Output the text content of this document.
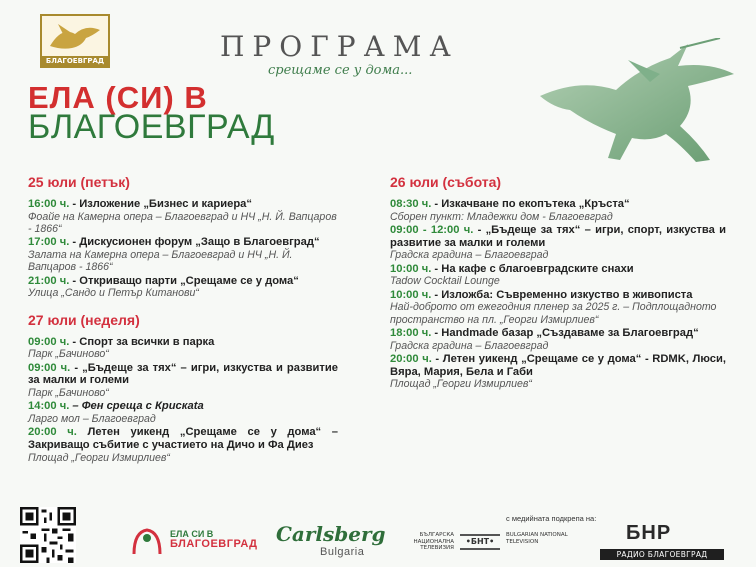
БЛАГОЕВГРАД	ПРОГРАМА
срещаме се у дома...
ЕЛА (СИ) В
БЛАГОЕВГРАД
25 юли (петък)
16:00 ч. - Изложение „Бизнес и кариера“
Фоайе на Камерна опера – Благоевград и НЧ „Н. Й. Вапцаров - 1866“
17:00 ч. - Дискусионен форум „Защо в Благоевград“
Залата на Камерна опера – Благоевград и НЧ „Н. Й. Вапцаров - 1866“
21:00 ч. - Откриващо парти „Срещаме се у дома“
Улица „Сандо и Петър Китанови“
27 юли (неделя)
09:00 ч. - Спорт за всички в парка
Парк „Бачиново“
09:00 ч. - „Бъдеще за тях“ – игри, изкуства и развитие за малки и големи
Парк „Бачиново“
14:00 ч. – Фен среща с Крискаta
Ларго мол – Благоевград
20:00 ч. Летен уикенд „Срещаме се у дома“ – Закриващо събитие с участието на Дичо и Фа Диез
Площад „Георги Измирлиев“
26 юли (събота)
08:30 ч. - Изкачване по екопътека „Кръста“
Сборен пункт: Младежки дом - Благоевград
09:00 - 12:00 ч. - „Бъдеще за тях“ – игри, спорт, изкуства и развитие за малки и големи
Градска градина – Благоевград
10:00 ч. - На кафе с благоевградските снахи
Tadow Cocktail Lounge
10:00 ч. - Изложба: Съвременно изкуство в живописта
Най-доброто от ежегодния пленер за 2025 г. – Подплощадното пространство на пл. „Георги Измирлиев“
18:00 ч. - Handmade базар „Създаваме за Благоевград“
Градска градина – Благоевград
20:00 ч. - Летен уикенд „Срещаме се у дома“ - RDMK, Люси, Вяра, Мария, Бела и Габи
Площад „Георги Измирлиев“
ЕЛА СИ В
БЛАГОЕВГРАД Carlsberg
Bulgaria
с медийната подкрепа на:
БЪЛГАРСКА НАЦИОНАЛНА ТЕЛЕВИЗИЯ
•БНТ•
BULGARIAN NATIONAL TELEVISION	БНР
РАДИО БЛАГОЕВГРАД
